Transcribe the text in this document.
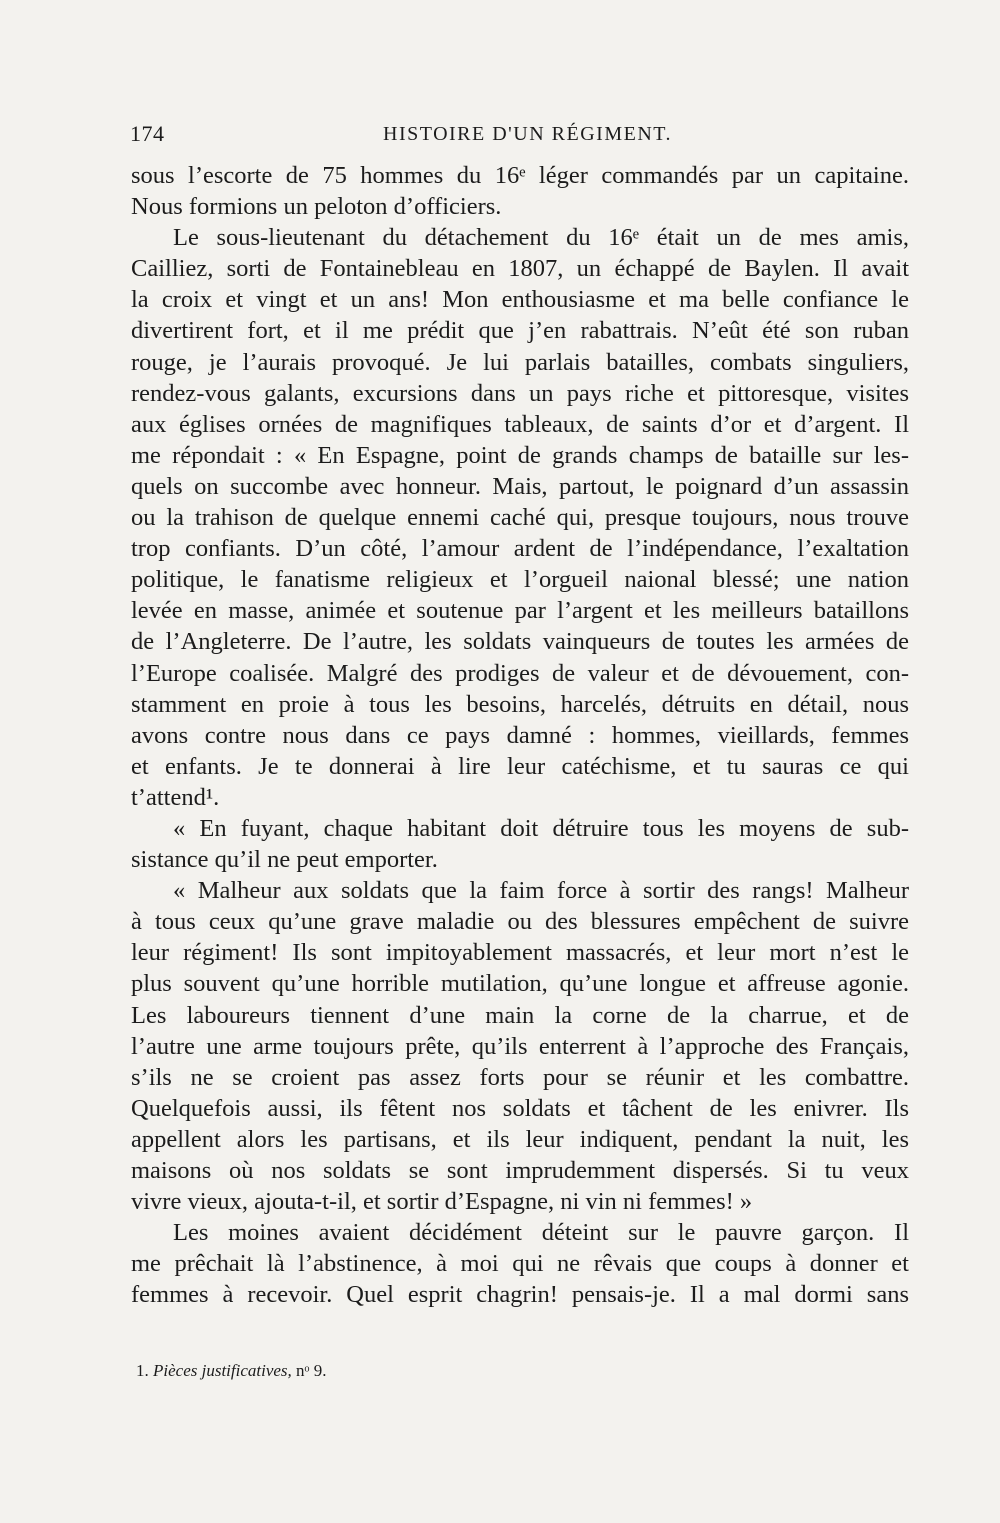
174	HISTOIRE D'UN RÉGIMENT.
sous l’escorte de 75 hommes du 16ᵉ léger commandés par un capitaine.
Nous formions un peloton d’officiers.
Le sous-lieutenant du détachement du 16ᵉ était un de mes amis,
Cailliez, sorti de Fontainebleau en 1807, un échappé de Baylen. Il avait
la croix et vingt et un ans! Mon enthousiasme et ma belle confiance le
divertirent fort, et il me prédit que j’en rabattrais. N’eût été son ruban
rouge, je l’aurais provoqué. Je lui parlais batailles, combats singuliers,
rendez-vous galants, excursions dans un pays riche et pittoresque, visites
aux églises ornées de magnifiques tableaux, de saints d’or et d’argent. Il
me répondait : « En Espagne, point de grands champs de bataille sur les-
quels on succombe avec honneur. Mais, partout, le poignard d’un assassin
ou la trahison de quelque ennemi caché qui, presque toujours, nous trouve
trop confiants. D’un côté, l’amour ardent de l’indépendance, l’exaltation
politique, le fanatisme religieux et l’orgueil naional blessé; une nation
levée en masse, animée et soutenue par l’argent et les meilleurs bataillons
de l’Angleterre. De l’autre, les soldats vainqueurs de toutes les armées de
l’Europe coalisée. Malgré des prodiges de valeur et de dévouement, con-
stamment en proie à tous les besoins, harcelés, détruits en détail, nous
avons contre nous dans ce pays damné : hommes, vieillards, femmes
et enfants. Je te donnerai à lire leur catéchisme, et tu sauras ce qui
t’attend¹.
« En fuyant, chaque habitant doit détruire tous les moyens de sub-
sistance qu’il ne peut emporter.
« Malheur aux soldats que la faim force à sortir des rangs! Malheur
à tous ceux qu’une grave maladie ou des blessures empêchent de suivre
leur régiment! Ils sont impitoyablement massacrés, et leur mort n’est le
plus souvent qu’une horrible mutilation, qu’une longue et affreuse agonie.
Les laboureurs tiennent d’une main la corne de la charrue, et de
l’autre une arme toujours prête, qu’ils enterrent à l’approche des Français,
s’ils ne se croient pas assez forts pour se réunir et les combattre.
Quelquefois aussi, ils fêtent nos soldats et tâchent de les enivrer. Ils
appellent alors les partisans, et ils leur indiquent, pendant la nuit, les
maisons où nos soldats se sont imprudemment dispersés. Si tu veux
vivre vieux, ajouta-t-il, et sortir d’Espagne, ni vin ni femmes! »
Les moines avaient décidément déteint sur le pauvre garçon. Il
me prêchait là l’abstinence, à moi qui ne rêvais que coups à donner et
femmes à recevoir. Quel esprit chagrin! pensais-je. Il a mal dormi sans
1. Pièces justificatives, nᵒ 9.
